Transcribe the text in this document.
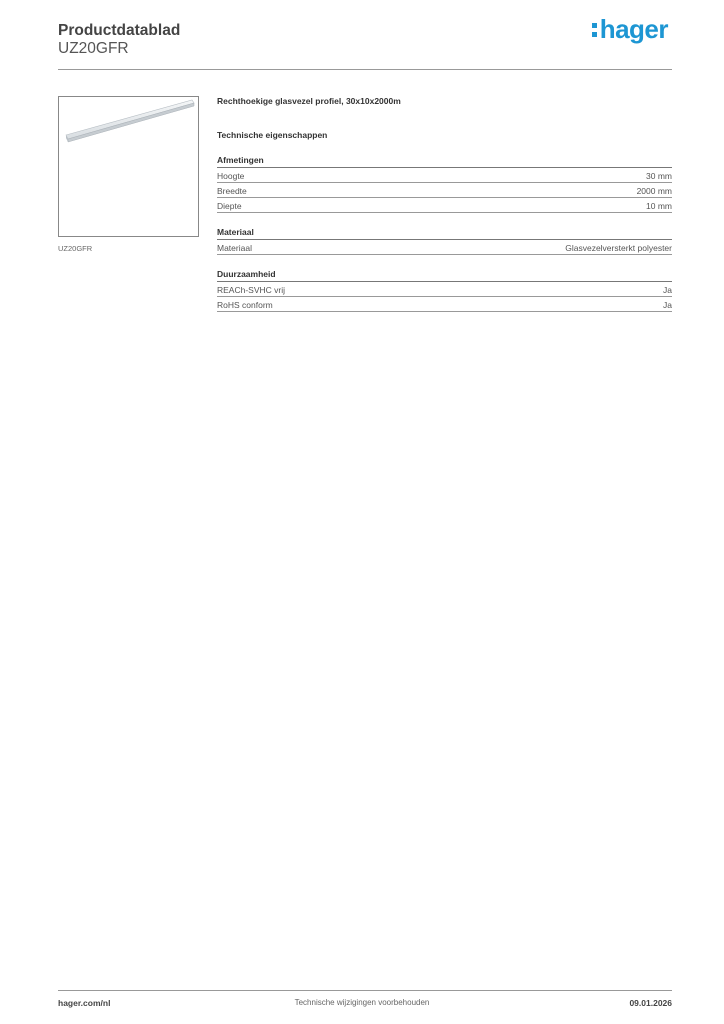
Productdatablad
UZ20GFR
hager
UZ20GFR
Rechthoekige glasvezel profiel, 30x10x2000m
Technische eigenschappen
Afmetingen
Hoogte	30 mm
Breedte	2000 mm
Diepte	10 mm
Materiaal
Materiaal	Glasvezelversterkt polyester
Duurzaamheid
REACh-SVHC vrij	Ja
RoHS conform	Ja
hager.com/nl	Technische wijzigingen voorbehouden	09.01.2026
